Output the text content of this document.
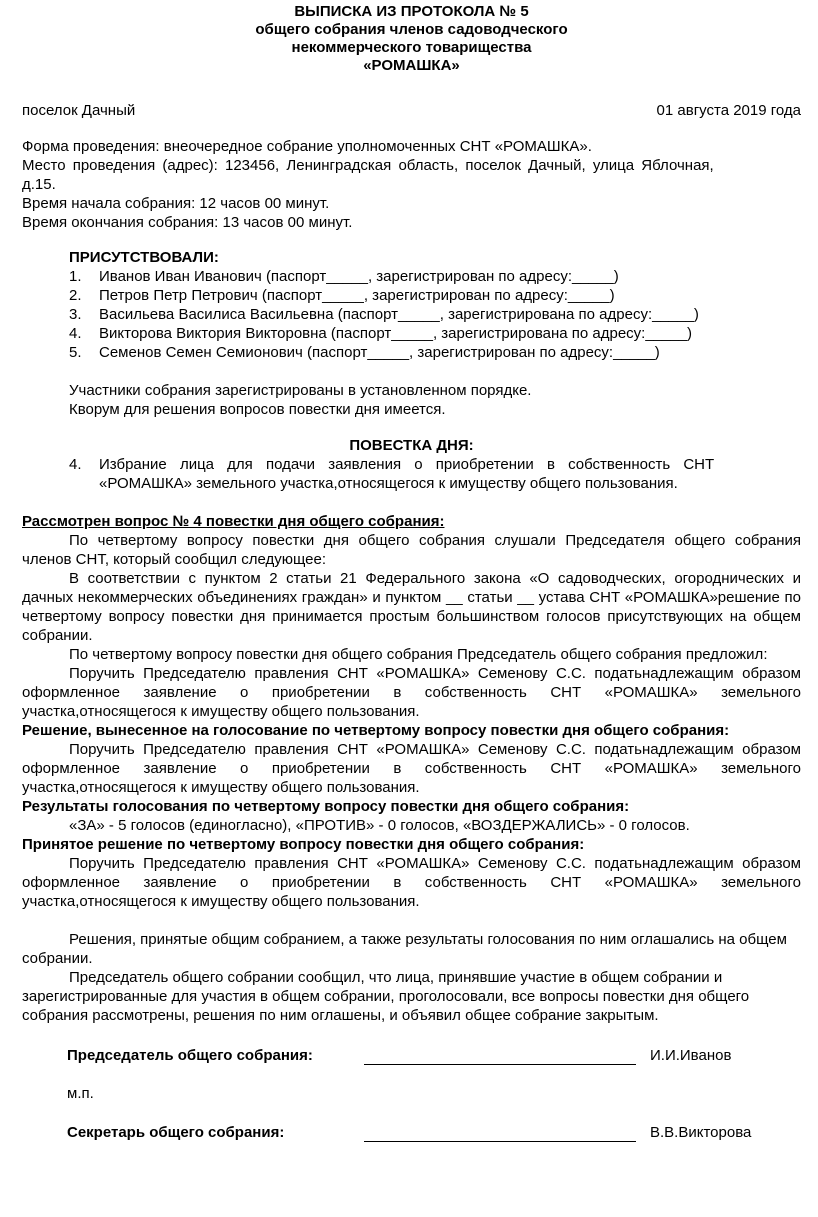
ВЫПИСКА ИЗ ПРОТОКОЛА № 5
общего собрания членов садоводческого
некоммерческого товарищества
«РОМАШКА»
поселок Дачный	01 августа 2019 года
Форма проведения: внеочередное собрание уполномоченных СНТ «РОМАШКА».
Место проведения (адрес): 123456, Ленинградская область, поселок Дачный, улица Яблочная,
д.15.
Время начала собрания: 12 часов 00 минут.
Время окончания собрания: 13 часов 00 минут.
ПРИСУТСТВОВАЛИ:
1.	Иванов Иван Иванович (паспорт_____, зарегистрирован по адресу:_____)
2.	Петров Петр Петрович (паспорт_____, зарегистрирован по адресу:_____)
3.	Васильева Василиса Васильевна (паспорт_____, зарегистрирована по адресу:_____)
4.	Викторова Виктория Викторовна (паспорт_____, зарегистрирована по адресу:_____)
5.	Семенов Семен Семионович (паспорт_____, зарегистрирован по адресу:_____)
Участники собрания зарегистрированы в установленном порядке.
Кворум для решения вопросов повестки дня имеется.
ПОВЕСТКА ДНЯ:
4.	Избрание лица для подачи заявления о приобретении в собственность СНТ
«РОМАШКА» земельного участка,относящегося к имуществу общего пользования.
Рассмотрен вопрос № 4 повестки дня общего собрания:
По четвертому вопросу повестки дня общего собрания слушали Председателя общего собрания членов СНТ, который сообщил следующее:
В соответствии с пунктом 2 статьи 21 Федерального закона «О садоводческих, огороднических и дачных некоммерческих объединениях граждан» и пунктом __ статьи __ устава СНТ «РОМАШКА»решение по четвертому вопросу повестки дня принимается простым большинством голосов присутствующих на общем собрании.
По четвертому вопросу повестки дня общего собрания Председатель общего собрания предложил:
Поручить Председателю правления СНТ «РОМАШКА» Семенову С.С. податьнадлежащим образом оформленное заявление о приобретении в собственность СНТ «РОМАШКА» земельного участка,относящегося к имуществу общего пользования.
Решение, вынесенное на голосование по четвертому вопросу повестки дня общего собрания:
Поручить Председателю правления СНТ «РОМАШКА» Семенову С.С. податьнадлежащим образом оформленное заявление о приобретении в собственность СНТ «РОМАШКА» земельного участка,относящегося к имуществу общего пользования.
Результаты голосования по четвертому вопросу повестки дня общего собрания:
«ЗА» - 5 голосов (единогласно), «ПРОТИВ» - 0 голосов, «ВОЗДЕРЖАЛИСЬ» - 0 голосов.
Принятое решение по четвертому вопросу повестки дня общего собрания:
Поручить Председателю правления СНТ «РОМАШКА» Семенову С.С. податьнадлежащим образом оформленное заявление о приобретении в собственность СНТ «РОМАШКА» земельного участка,относящегося к имуществу общего пользования.
Решения, принятые общим собранием, а также результаты голосования по ним оглашались на общем собрании.
Председатель общего собрании сообщил, что лица, принявшие участие в общем собрании и зарегистрированные для участия в общем собрании, проголосовали, все вопросы повестки дня общего собрания рассмотрены, решения по ним оглашены, и объявил общее собрание закрытым.
Председатель общего собрания:	И.И.Иванов
м.п.
Секретарь общего собрания:	В.В.Викторова
